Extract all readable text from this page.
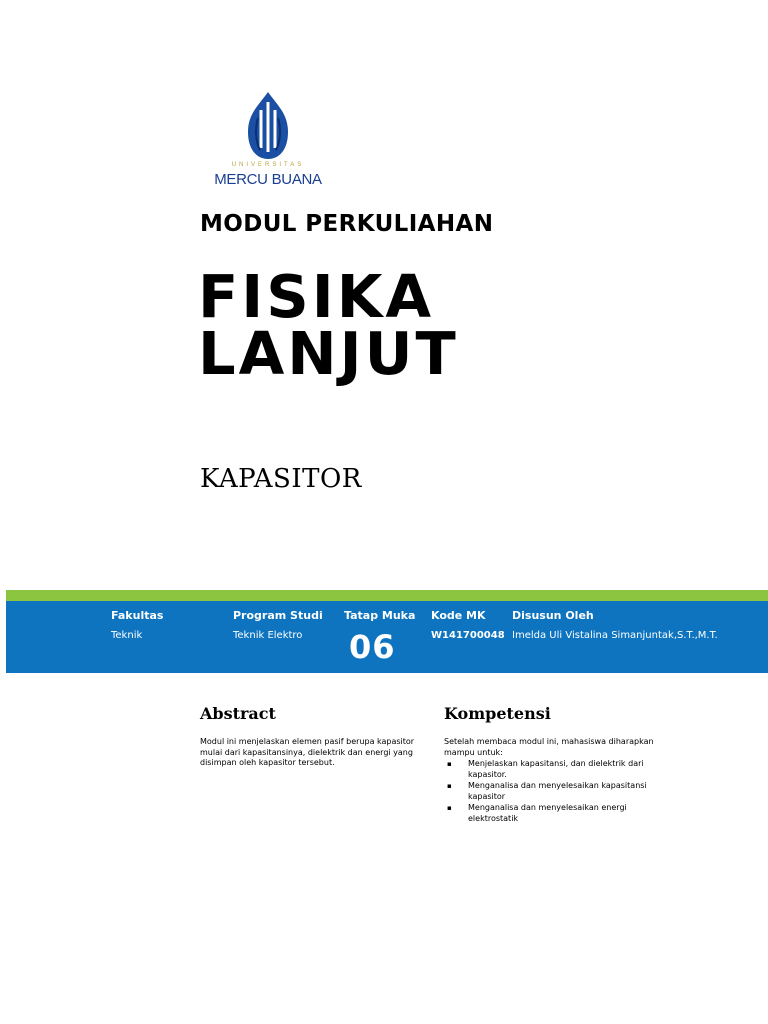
UNIVERSITAS
MERCU BUANA
MODUL PERKULIAHAN
FISIKA
LANJUT
KAPASITOR
Fakultas
Teknik
Program Studi
Teknik Elektro
Tatap Muka
06
Kode MK
W141700048
Disusun Oleh
Imelda Uli Vistalina Simanjuntak,S.T.,M.T.
Abstract
Modul ini menjelaskan elemen pasif berupa kapasitor mulai dari kapasitansinya, dielektrik dan energi yang disimpan oleh kapasitor tersebut.
Kompetensi
Setelah membaca modul ini, mahasiswa diharapkan mampu untuk:
▪ Menjelaskan kapasitansi, dan dielektrik dari kapasitor.
▪ Menganalisa dan menyelesaikan kapasitansi kapasitor
▪ Menganalisa dan menyelesaikan energi elektrostatik
